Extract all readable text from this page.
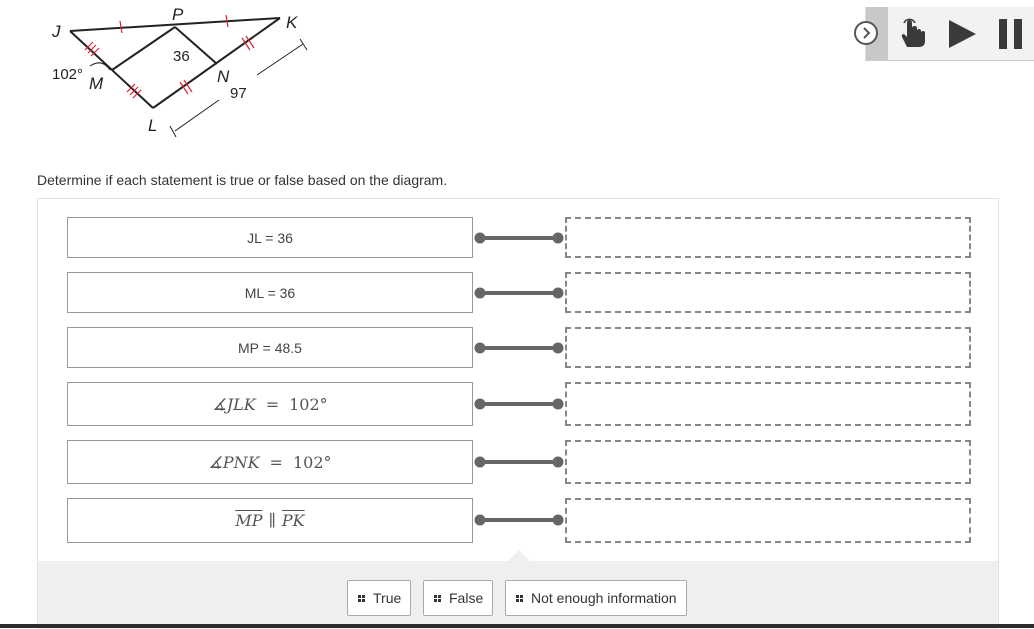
J
P	K
M	N
L
36
102°
97
Determine if each statement is true or false based on the diagram.
JL = 36
ML = 36
MP = 48.5
∡ JLK = 102°
∡ PNK = 102°
$\overline{MP}$ ∥ $\overline{PK}$
True	False	Not enough information
